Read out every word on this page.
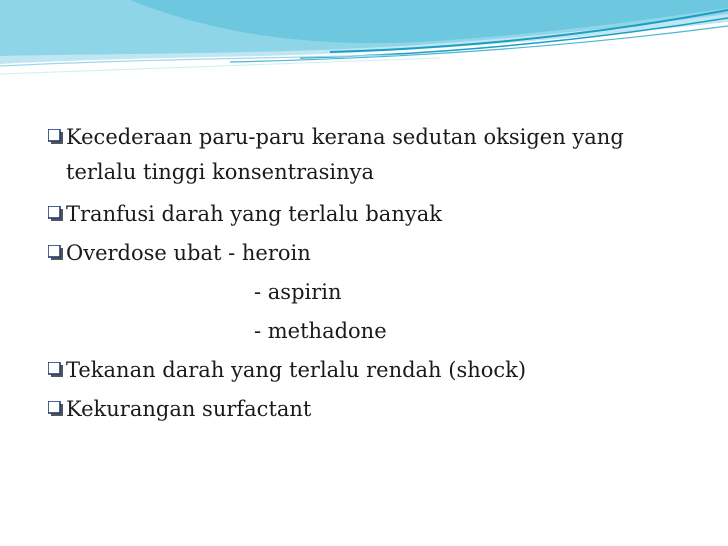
Kecederaan paru-paru kerana sedutan oksigen yang
terlalu tinggi konsentrasinya
Tranfusi darah yang terlalu banyak
Overdose ubat - heroin
- aspirin
- methadone
Tekanan darah yang terlalu rendah (shock)
Kekurangan surfactant
